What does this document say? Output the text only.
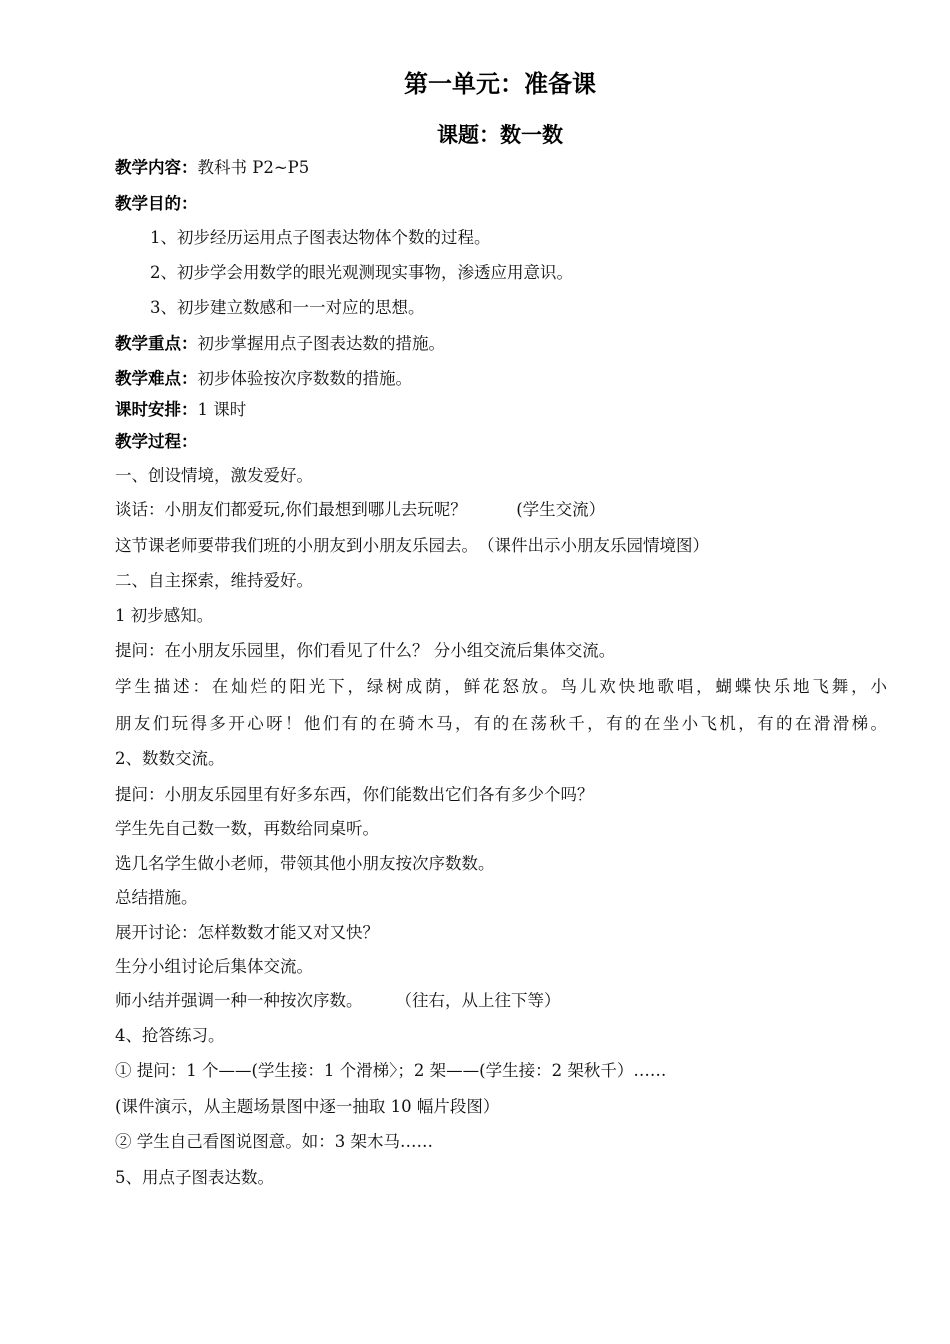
第一单元：准备课
课题：数一数
教学内容：教科书 P2~P5
教学目的：
1、初步经历运用点子图表达物体个数的过程。
2、初步学会用数学的眼光观测现实事物，渗透应用意识。
3、初步建立数感和一一对应的思想。
教学重点：初步掌握用点子图表达数的措施。
教学难点：初步体验按次序数数的措施。
课时安排：1 课时
教学过程：
一、创设情境，激发爱好。
谈话：小朋友们都爱玩,你们最想到哪儿去玩呢？　　　(学生交流）
这节课老师要带我们班的小朋友到小朋友乐园去。　（课件出示小朋友乐园情境图）
二、自主探索，维持爱好。
1 初步感知。
提问：在小朋友乐园里，你们看见了什么？ 分小组交流后集体交流。
学生描述：在灿烂的阳光下，绿树成荫，鲜花怒放。鸟儿欢快地歌唱，蝴蝶快乐地飞舞，小
朋友们玩得多开心呀！他们有的在骑木马，有的在荡秋千，有的在坐小飞机，有的在滑滑梯。
2、数数交流。
提问：小朋友乐园里有好多东西，你们能数出它们各有多少个吗？
学生先自己数一数，再数给同桌听。
选几名学生做小老师，带领其他小朋友按次序数数。
总结措施。
展开讨论：怎样数数才能又对又快？
生分小组讨论后集体交流。
师小结并强调一种一种按次序数。　　　（往右，从上往下等）
4、抢答练习。
① 提问：1 个——(学生接：1 个滑梯〉；2 架——(学生接：2 架秋千）……
(课件演示，从主题场景图中逐一抽取 10 幅片段图）
② 学生自己看图说图意。如：3 架木马……
5、用点子图表达数。
